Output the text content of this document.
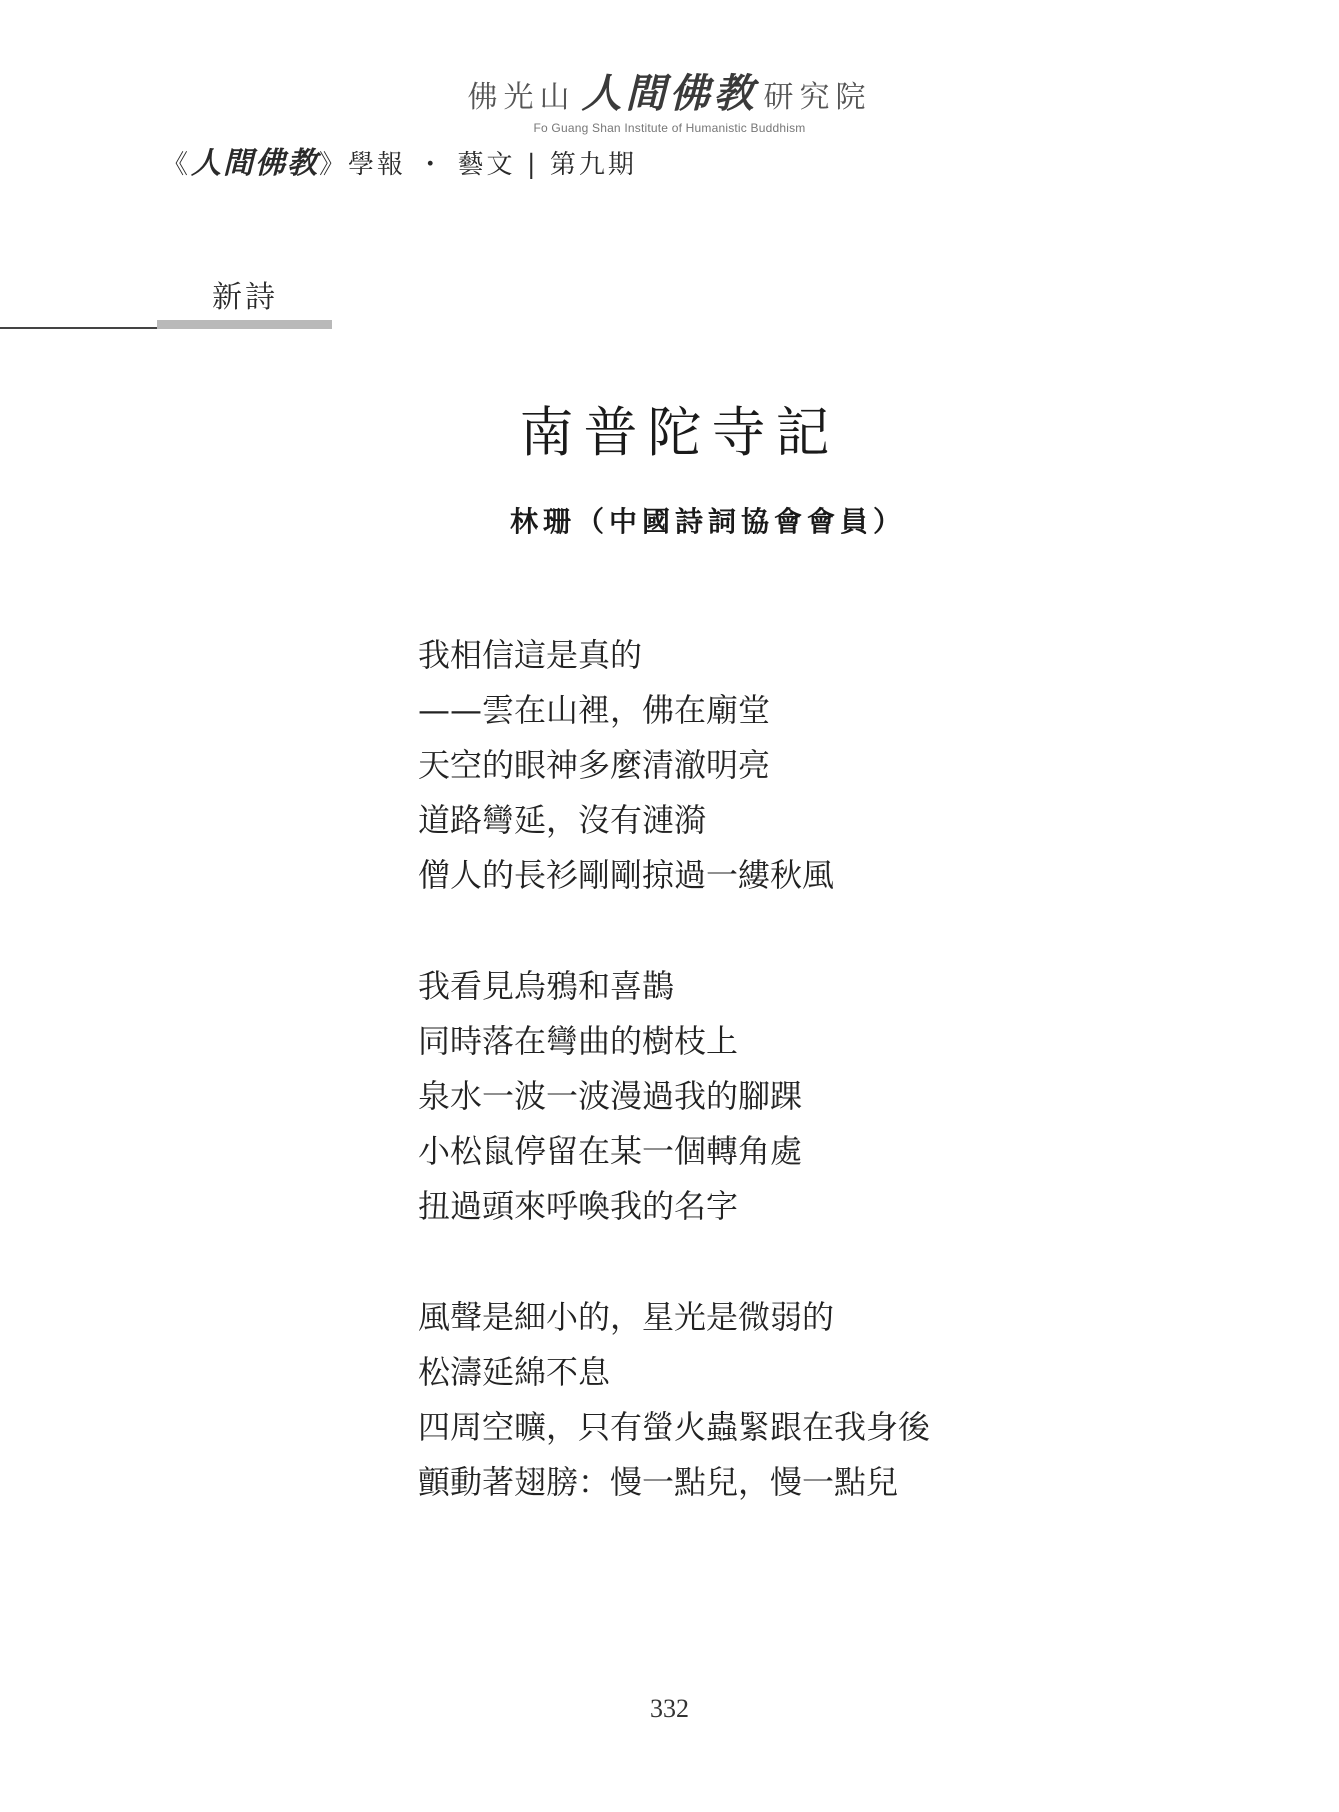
佛光山 人間佛教 研究院
Fo Guang Shan Institute of Humanistic Buddhism
《人間佛教》學報 ・ 藝文 | 第九期
新詩
南普陀寺記
林珊（中國詩詞協會會員）
我相信這是真的
——雲在山裡，佛在廟堂
天空的眼神多麼清澈明亮
道路彎延，沒有漣漪
僧人的長衫剛剛掠過一縷秋風
我看見烏鴉和喜鵲
同時落在彎曲的樹枝上
泉水一波一波漫過我的腳踝
小松鼠停留在某一個轉角處
扭過頭來呼喚我的名字
風聲是細小的，星光是微弱的
松濤延綿不息
四周空曠，只有螢火蟲緊跟在我身後
顫動著翅膀：慢一點兒，慢一點兒
332
